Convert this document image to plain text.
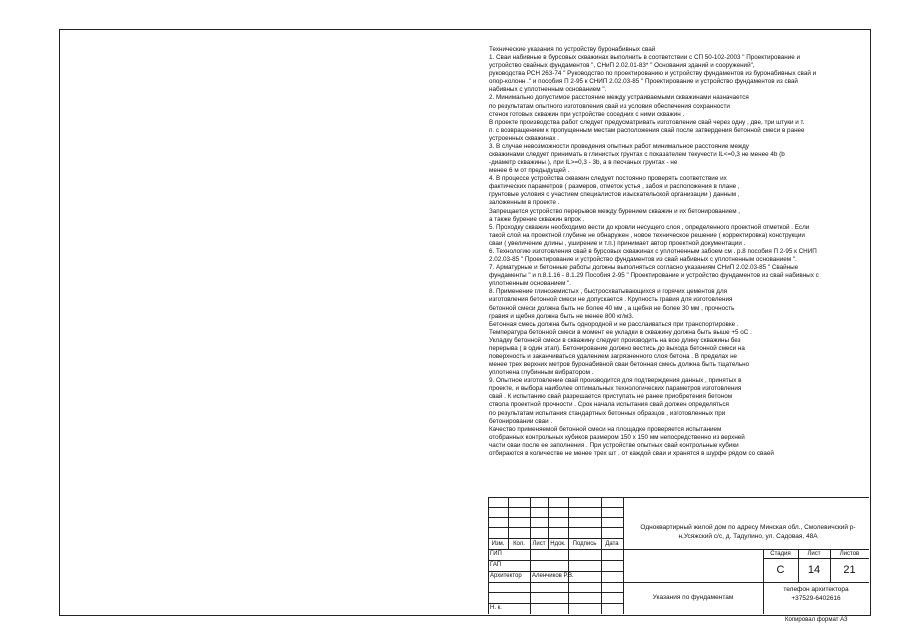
Технические указания по устройству буронабивных свай
1. Сваи набивные в бурсовых скважинах выполнить в соответствии с СП 50-102-2003 " Проектирование и
устройство свайных фундаментов ", СНиП 2.02.01-83* " Основания зданий и сооружений",
руководства РСН 263-74 " Руководство по проектированию и устройству фундаментов из буронабивных свай и
опор-колонн ." и пособия П 2-95 к СНИП 2.02.03-85 " Проектирование и устройство фундаментов из свай
набивных с уплотненным основанием ".
2. Минимально допустимое расстояние между устраиваемыми скважинами назначается
по результатам опытного изготовления свай из условия обеспечения сохранности
стенок готовых скважин при устройстве соседних с ними скважин .
В проекте производства работ следует предусматривать изготовление свай через одну , две, три штуки и т.
п. с возвращением к пропущенным местам расположения свай после затвердения бетонной смеси в ранее
устроенных скважинах .
3. В случае невозможности проведения опытных работ минимальное расстояние между
скважинами следует принимать в глинистых грунтах с показателем текучести IL<=0,3 не менее 4b (b
-диаметр скважины ), при IL>=0,3 - 3b, а в песчаных грунтах - не
менее 6 м от предыдущей .
4. В процессе устройства скважин следует постоянно проверять соответствие их
фактических параметров ( размеров, отметок устья , забоя и расположения в плане ,
грунтовые условия с участием специалистов изыскательской организации ) данным ,
заложенным в проекте .
Запрещается устройство перерывов между бурением скважин и их бетонированием ,
а также бурение скважин впрок .
5. Проходку скважин необходимо вести до кровли несущего слоя , определенного проектной отметкой . Если
такой слой на проектной глубине не обнаружен , новое техническое решение ( корректировка) конструкции
сваи ( увеличение длины , уширение и т.п.) принимает автор проектной документации .
6. Технологию изготовления свай в бурсовых скважинах с уплотненным забоем см . р.8 пособия П 2-95 к СНИП
2.02.03-85 " Проектирование и устройство фундаментов из свай набивных с уплотненным основанием ".
7. Арматурные и бетонные работы должны выполняться согласно указаниям СНиП 2.02.03-85 " Свайные
фундаменты " и п.8.1.16 - 8.1.29 Пособия 2-95 " Проектирование и устройство фундаментов из свай набивных с
уплотненным основанием ".
8. Применение глиноземистых , быстросхватывающихся и горячих цементов для
изготовления бетонной смеси не допускается . Крупность гравия для изготовления
бетонной смеси должна быть не более 40 мм , а щебня не более 30 мм , прочность
гравия и щебня должна быть не менее 800 кг/м3.
Бетонная смесь должна быть однородной и не расслаиваться при транспортировке .
Температура бетонной смеси в момент ее укладки в скважину должна быть выше +5 оС .
Укладку бетонной смеси в скважину следует производить на всю длину скважины без
перерыва ( в один этап). Бетонирование должно вестись до выхода бетонной смеси на
поверхность и заканчиваться удалением загрязненного слоя бетона . В пределах не
менее трех верхних метров буронабивной сваи бетонная смесь должна быть тщательно
уплотнена глубинным вибратором .
9. Опытное изготовление свай производится для подтверждения данных , принятых в
проекте, и выбора наиболее оптимальных технологических параметров изготовления
свай . К испытанию свай разрешается приступать не ранее приобретения бетоном
ствола проектной прочности . Срок начала испытания свай должен определяться
по результатам испытания стандартных бетонных образцов , изготовленных при
бетонировании сваи .
Качество применяемой бетонной смеси на площадке проверяется испытанием
отобранных контрольных кубиков размером 150 х 150 мм непосредственно из верхней
части сваи после ее заполнения . При устройстве опытных свай контрольные кубики
отбираются в количестве не менее трех шт . от каждой сваи и хранятся в шурфе рядом со сваей
Изм.	Кол.	Лист Ндок.	Подпись	Дата
ГИП
ГАП
Архитектор Аленчиков Р.В.
Н. к.
Одноквартирный жилой дом по адресу Минская обл., Смолевичский р-н,Усяжский с/с, д. Тадулино, ул. Садовая, 48А
Стадия	Лист	Листов
С	14	21
Указания по фундаментам
телефон архитектора
+37529-6402616
Копировал формат А3
